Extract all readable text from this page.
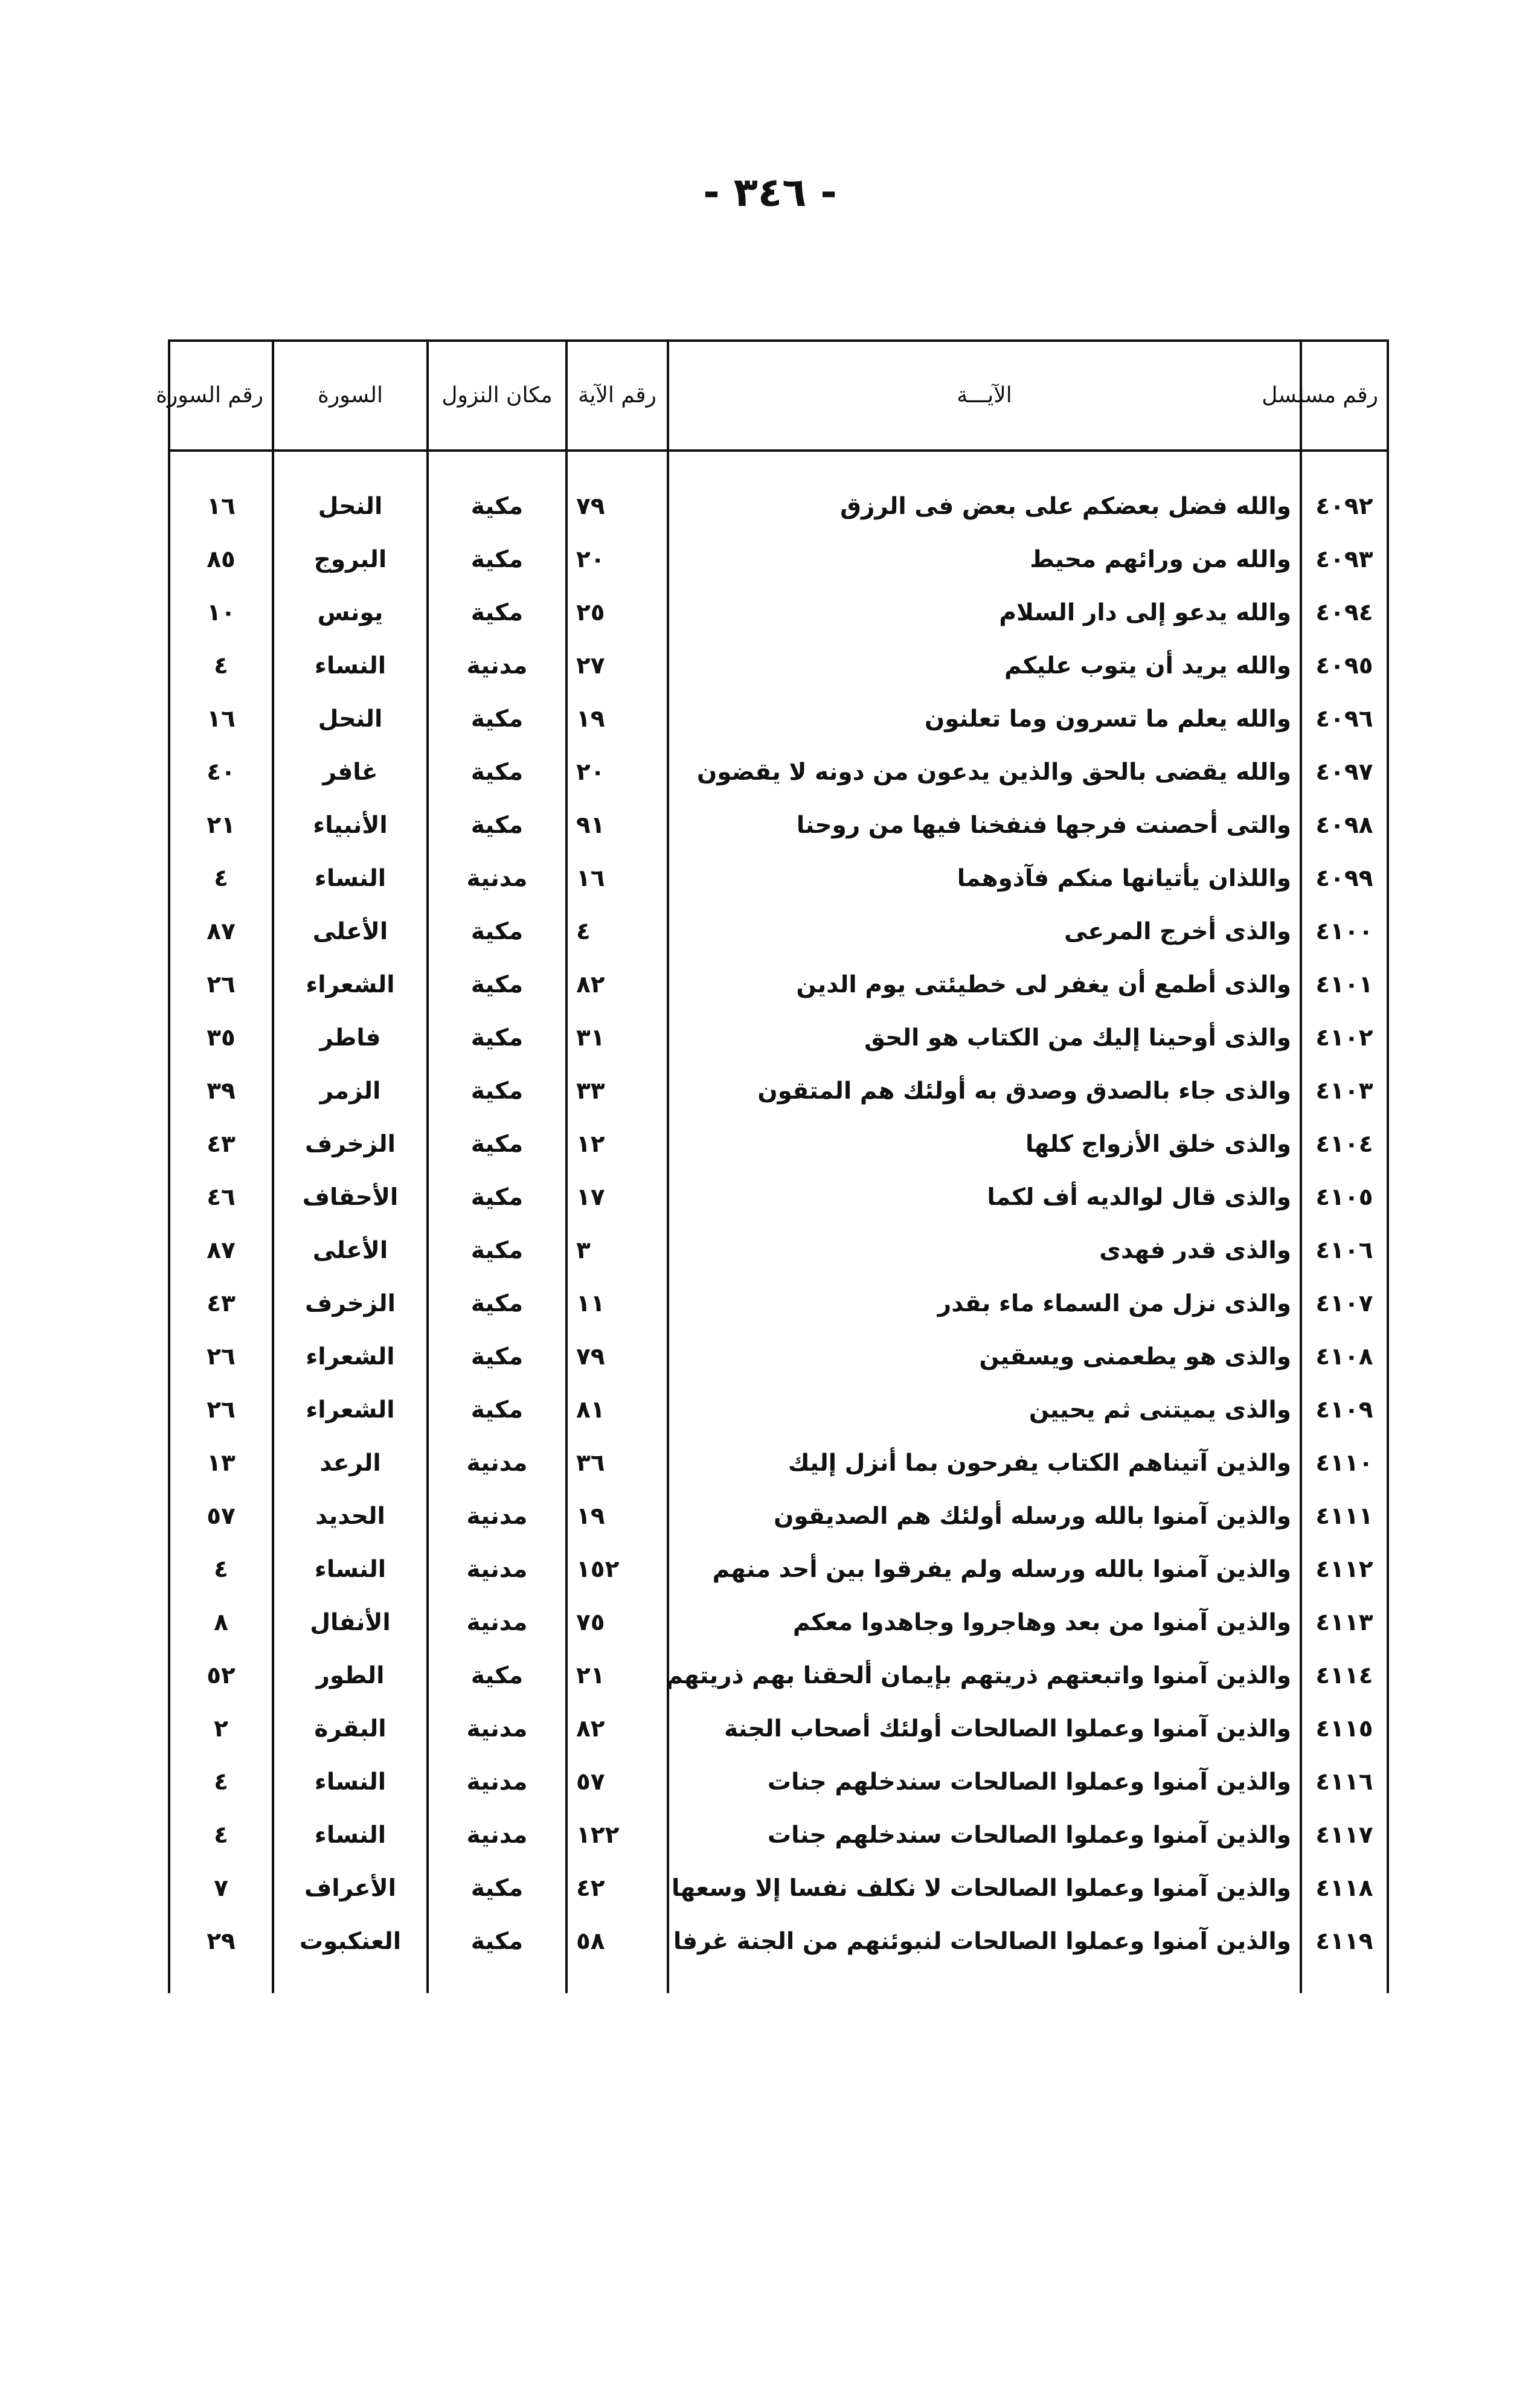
- ٣٤٦ -
رقم مسلسل	الآيـــة	رقم الآية	مكان النزول	السورة	رقم السورة

٤٠٩٢	والله فضل بعضكم على بعض فى الرزق	٧٩	مكية	النحل	١٦
٤٠٩٣	والله من ورائهم محيط	٢٠	مكية	البروج	٨٥
٤٠٩٤	والله يدعو إلى دار السلام	٢٥	مكية	يونس	١٠
٤٠٩٥	والله يريد أن يتوب عليكم	٢٧	مدنية	النساء	٤
٤٠٩٦	والله يعلم ما تسرون وما تعلنون	١٩	مكية	النحل	١٦
٤٠٩٧	والله يقضى بالحق والذين يدعون من دونه لا يقضون	٢٠	مكية	غافر	٤٠
٤٠٩٨	والتى أحصنت فرجها فنفخنا فيها من روحنا	٩١	مكية	الأنبياء	٢١
٤٠٩٩	واللذان يأتيانها منكم فآذوهما	١٦	مدنية	النساء	٤
٤١٠٠	والذى أخرج المرعى	٤	مكية	الأعلى	٨٧
٤١٠١	والذى أطمع أن يغفر لى خطيئتى يوم الدين	٨٢	مكية	الشعراء	٢٦
٤١٠٢	والذى أوحينا إليك من الكتاب هو الحق	٣١	مكية	فاطر	٣٥
٤١٠٣	والذى جاء بالصدق وصدق به أولئك هم المتقون	٣٣	مكية	الزمر	٣٩
٤١٠٤	والذى خلق الأزواج كلها	١٢	مكية	الزخرف	٤٣
٤١٠٥	والذى قال لوالديه أف لكما	١٧	مكية	الأحقاف	٤٦
٤١٠٦	والذى قدر فهدى	٣	مكية	الأعلى	٨٧
٤١٠٧	والذى نزل من السماء ماء بقدر	١١	مكية	الزخرف	٤٣
٤١٠٨	والذى هو يطعمنى ويسقين	٧٩	مكية	الشعراء	٢٦
٤١٠٩	والذى يميتنى ثم يحيين	٨١	مكية	الشعراء	٢٦
٤١١٠	والذين آتيناهم الكتاب يفرحون بما أنزل إليك	٣٦	مدنية	الرعد	١٣
٤١١١	والذين آمنوا بالله ورسله أولئك هم الصديقون	١٩	مدنية	الحديد	٥٧
٤١١٢	والذين آمنوا بالله ورسله ولم يفرقوا بين أحد منهم	١٥٢	مدنية	النساء	٤
٤١١٣	والذين آمنوا من بعد وهاجروا وجاهدوا معكم	٧٥	مدنية	الأنفال	٨
٤١١٤	والذين آمنوا واتبعتهم ذريتهم بإيمان ألحقنا بهم ذريتهم	٢١	مكية	الطور	٥٢
٤١١٥	والذين آمنوا وعملوا الصالحات أولئك أصحاب الجنة	٨٢	مدنية	البقرة	٢
٤١١٦	والذين آمنوا وعملوا الصالحات سندخلهم جنات	٥٧	مدنية	النساء	٤
٤١١٧	والذين آمنوا وعملوا الصالحات سندخلهم جنات	١٢٢	مدنية	النساء	٤
٤١١٨	والذين آمنوا وعملوا الصالحات لا نكلف نفسا إلا وسعها	٤٢	مكية	الأعراف	٧
٤١١٩	والذين آمنوا وعملوا الصالحات لنبوئنهم من الجنة غرفا	٥٨	مكية	العنكبوت	٢٩
